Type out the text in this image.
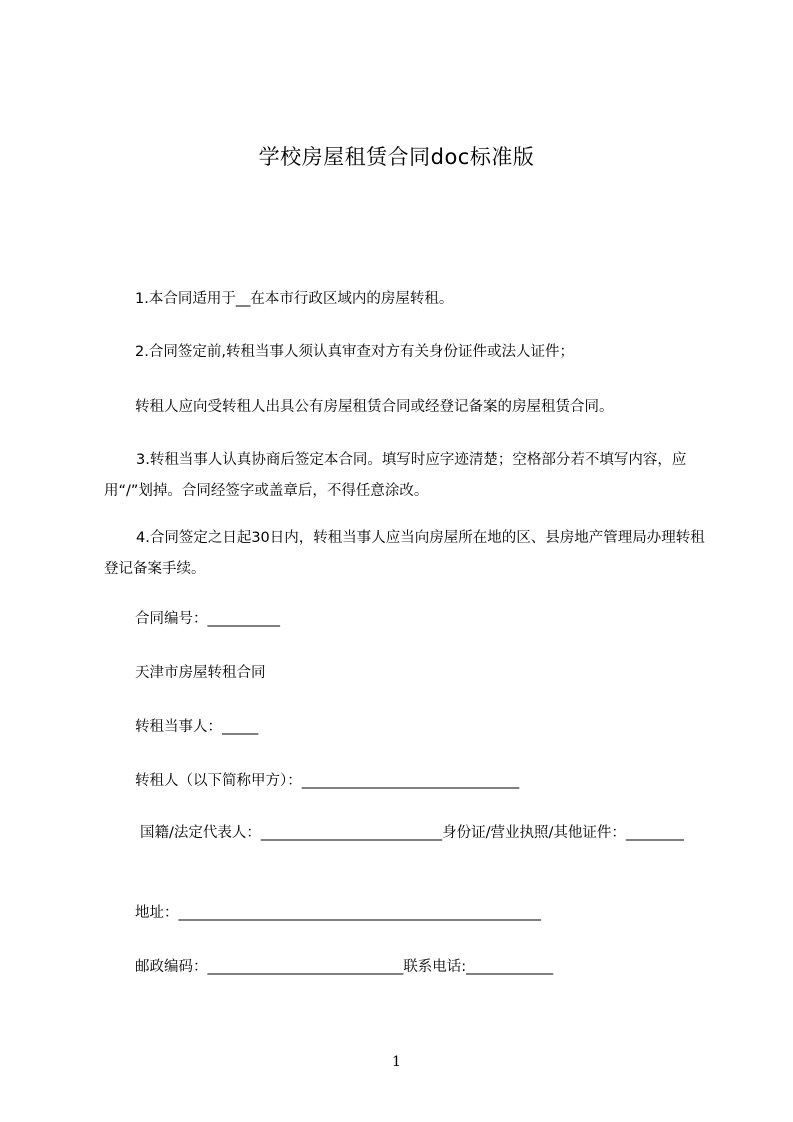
学校房屋租赁合同doc标准版
1.本合同适用于__在本市行政区域内的房屋转租。
2.合同签定前,转租当事人须认真审查对方有关身份证件或法人证件；
转租人应向受转租人出具公有房屋租赁合同或经登记备案的房屋租赁合同。
3.转租当事人认真协商后签定本合同。填写时应字迹清楚；空格部分若不填写内容，应用“/”划掉。合同经签字或盖章后，不得任意涂改。
4.合同签定之日起30日内，转租当事人应当向房屋所在地的区、县房地产管理局办理转租登记备案手续。
合同编号：__________
天津市房屋转租合同
转租当事人：_____
转租人（以下简称甲方）：______________________________
国籍/法定代表人：_________________________身份证/营业执照/其他证件：________
地址：__________________________________________________
邮政编码：___________________________联系电话:____________
1
